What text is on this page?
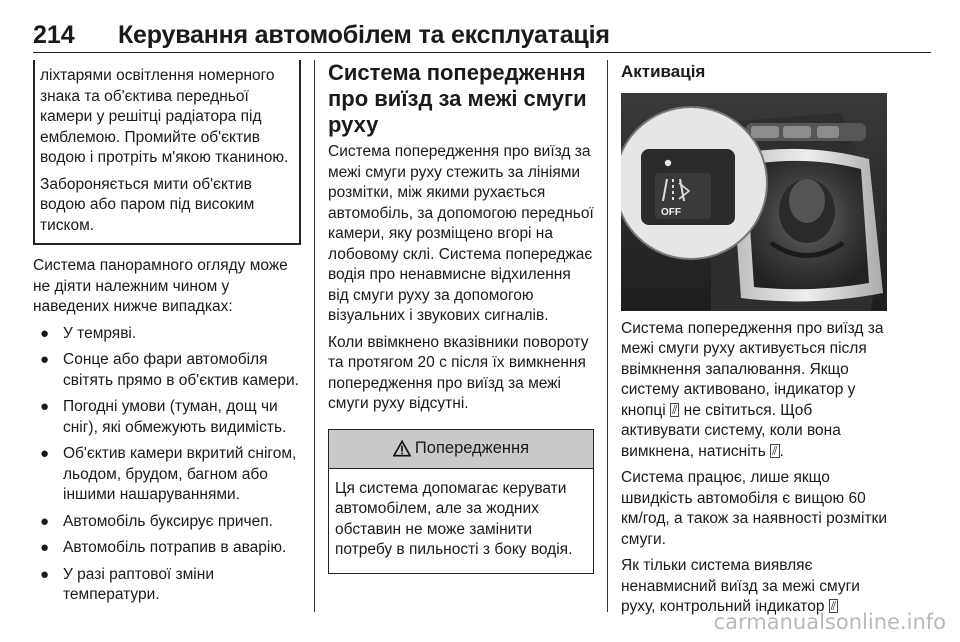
214 Керування автомобілем та експлуатація

ліхтарями освітлення номерного знака та об'єктива передньої камери у решітці радіатора під емблемою. Промийте об'єктив водою і протріть м'якою тканиною.

Забороняється мити об'єктив водою або паром під високим тиском.

Система панорамного огляду може не діяти належним чином у наведених нижче випадках:

● У темряві.
● Сонце або фари автомобіля світять прямо в об'єктив камери.
● Погодні умови (туман, дощ чи сніг), які обмежують видимість.
● Об'єктив камери вкритий снігом, льодом, брудом, багном або іншими нашаруваннями.
● Автомобіль буксирує причеп.
● Автомобіль потрапив в аварію.
● У разі раптової зміни температури.
Система попередження про виїзд за межі смуги руху

Система попередження про виїзд за межі смуги руху стежить за лініями розмітки, між якими рухається автомобіль, за допомогою передньої камери, яку розміщено вгорі на лобовому склі. Система попереджає водія про ненавмисне відхилення від смуги руху за допомогою візуальних і звукових сигналів.

Коли ввімкнено вказівники повороту та протягом 20 с після їх вимкнення попередження про виїзд за межі смуги руху відсутні.

Попередження
Ця система допомагає керувати автомобілем, але за жодних обставин не може замінити потребу в пильності з боку водія.
Активація
OFF

Система попередження про виїзд за межі смуги руху активується після ввімкнення запалювання. Якщо систему активовано, індикатор у кнопці ⫽ не світиться. Щоб активувати систему, коли вона вимкнена, натисніть ⫽ .

Система працює, лише якщо швидкість автомобіля є вищою 60 км/год, а також за наявності розмітки смуги.

Як тільки система виявляє ненавмисний виїзд за межі смуги руху, контрольний індикатор ⫽

carmanualsonline.info
